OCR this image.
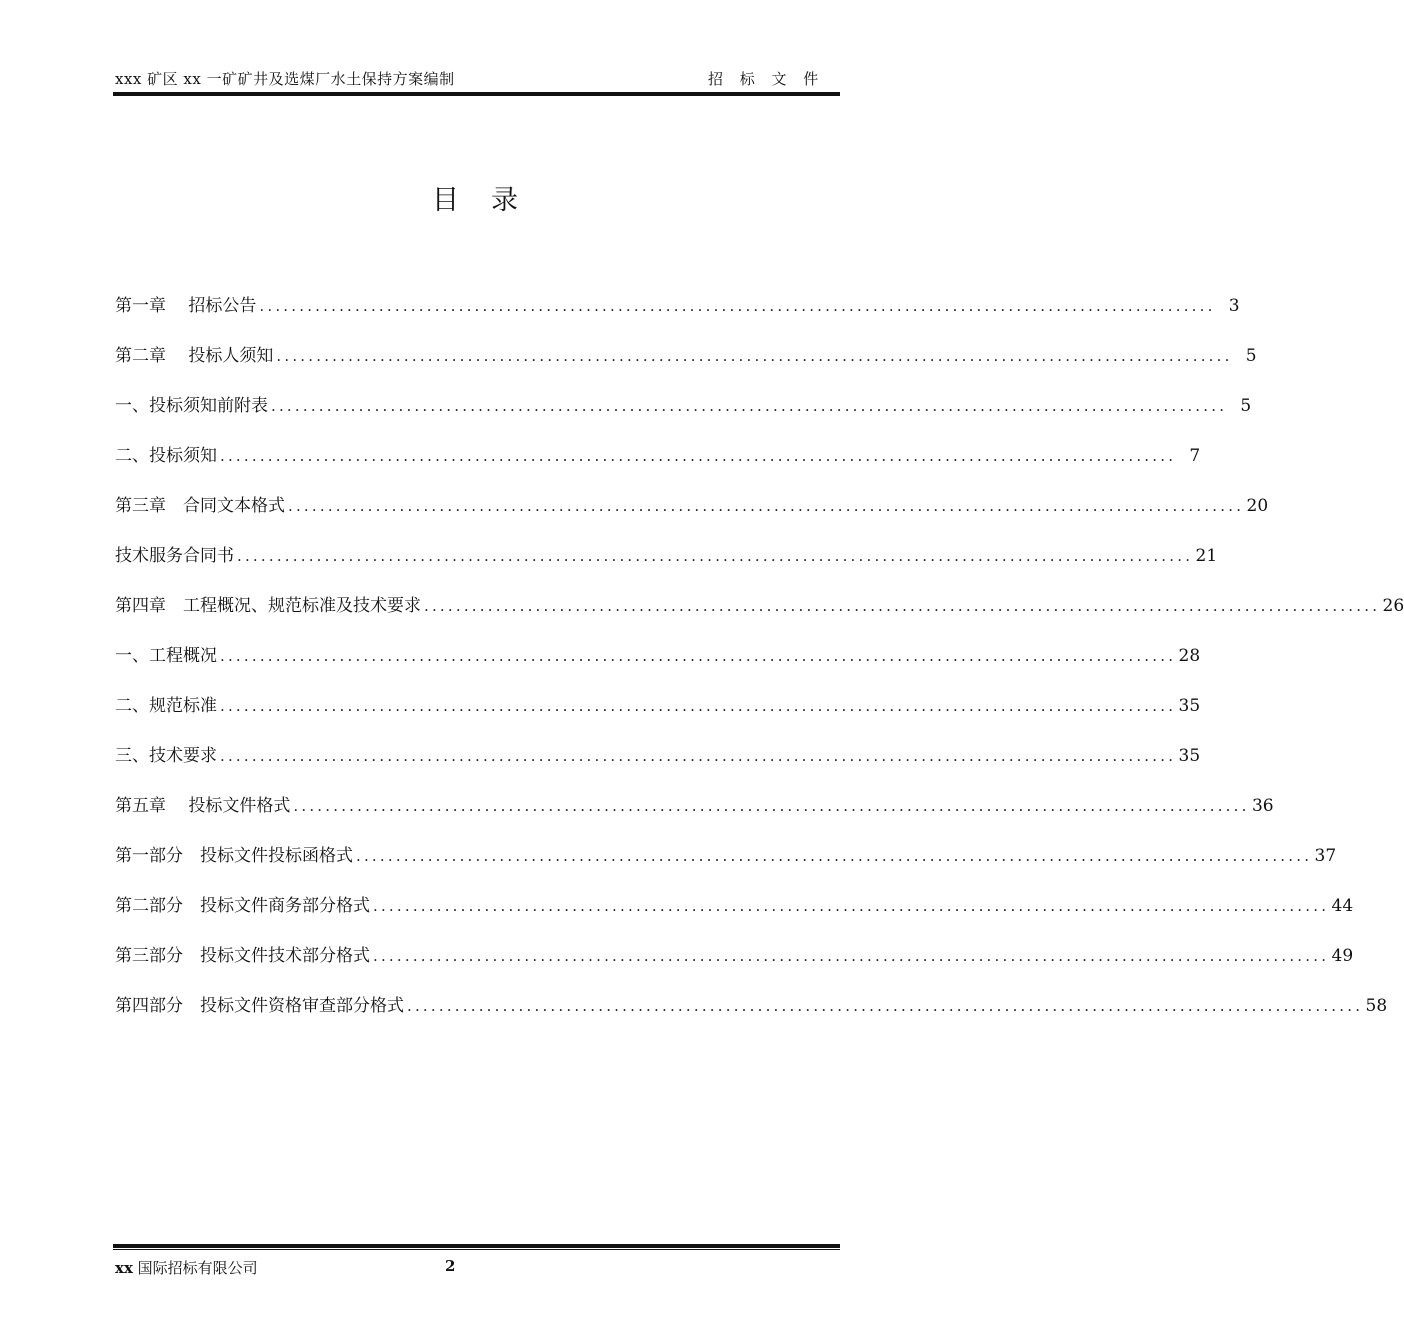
xxx 矿区 xx 一矿矿井及选煤厂水土保持方案编制	招 标 文 件
目录
第一章　 招标公告 ........................................................................................................................ 3
第二章　 投标人须知 ........................................................................................................................ 5
一、投标须知前附表 ........................................................................................................................ 5
二、投标须知 ........................................................................................................................ 7
第三章　合同文本格式 ........................................................................................................................ 20
技术服务合同书 ........................................................................................................................ 21
第四章　工程概况、规范标准及技术要求 ........................................................................................................................ 26
一、工程概况 ........................................................................................................................ 28
二、规范标准 ........................................................................................................................ 35
三、技术要求 ........................................................................................................................ 35
第五章　 投标文件格式 ........................................................................................................................ 36
第一部分　投标文件投标函格式 ........................................................................................................................ 37
第二部分　投标文件商务部分格式 ........................................................................................................................ 44
第三部分　投标文件技术部分格式 ........................................................................................................................ 49
第四部分　投标文件资格审查部分格式 ........................................................................................................................ 58
xx 国际招标有限公司	2
